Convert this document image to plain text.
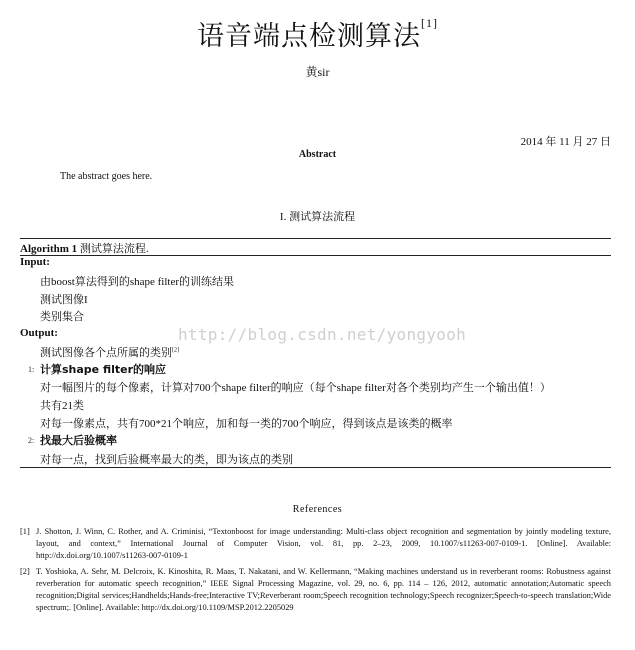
语音端点检测算法[1]
黄sir
2014 年 11 月 27 日
Abstract
The abstract goes here.
I. 测试算法流程
Algorithm 1 测试算法流程.
Input:
由boost算法得到的shape filter的训练结果
测试图像I
类别集合
Output:
测试图像各个点所属的类别[2]
http://blog.csdn.net/yongyooh
1: 计算shape filter的响应
对一幅图片的每个像素，计算对700个shape filter的响应（每个shape filter对各个类别均产生一个输出值！）
共有21类
对每一像素点，共有700*21个响应，加和每一类的700个响应，得到该点是该类的概率
2: 找最大后验概率
对每一点，找到后验概率最大的类，即为该点的类别
References
[1] J. Shotton, J. Winn, C. Rother, and A. Criminisi, “Textonboost for image understanding: Multi-class object recognition and segmentation by jointly modeling texture, layout, and context,” International Journal of Computer Vision, vol. 81, pp. 2–23, 2009, 10.1007/s11263-007-0109-1. [Online]. Available: http://dx.doi.org/10.1007/s11263-007-0109-1
[2] T. Yoshioka, A. Sehr, M. Delcroix, K. Kinoshita, R. Maas, T. Nakatani, and W. Kellermann, “Making machines understand us in reverberant rooms: Robustness against reverberation for automatic speech recognition,” IEEE Signal Processing Magazine, vol. 29, no. 6, pp. 114 – 126, 2012, automatic annotation;Automatic speech recognition;Digital services;Handhelds;Hands-free;Interactive TV;Reverberant room;Speech recognition technology;Speech recognizer;Speech-to-speech translation;Wide spectrum;. [Online]. Available: http://dx.doi.org/10.1109/MSP.2012.2205029
